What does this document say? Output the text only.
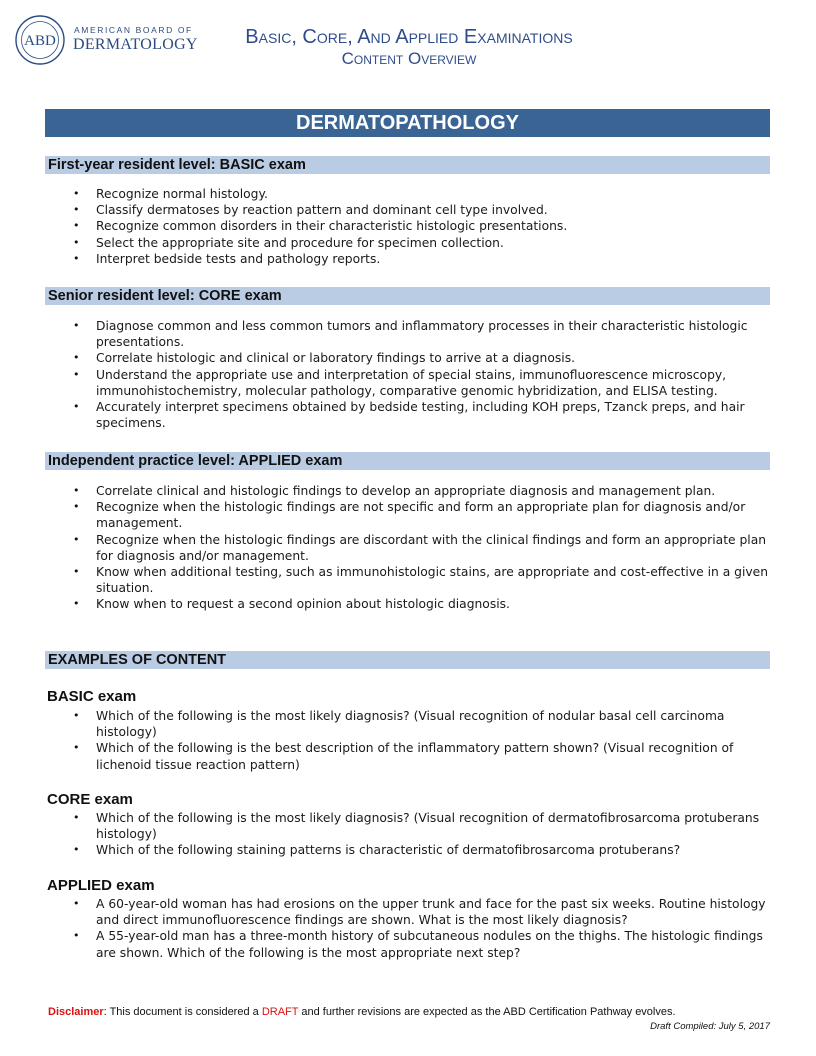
ABD
AMERICAN BOARD OF
DERMATOLOGY	Basic, Core, And Applied Examinations
Content Overview
DERMATOPATHOLOGY
First-year resident level: BASIC exam
• Recognize normal histology.
• Classify dermatoses by reaction pattern and dominant cell type involved.
• Recognize common disorders in their characteristic histologic presentations.
• Select the appropriate site and procedure for specimen collection.
• Interpret bedside tests and pathology reports.
Senior resident level: CORE exam
• Diagnose common and less common tumors and inflammatory processes in their characteristic histologic presentations.
• Correlate histologic and clinical or laboratory findings to arrive at a diagnosis.
• Understand the appropriate use and interpretation of special stains, immunofluorescence microscopy, immunohistochemistry, molecular pathology, comparative genomic hybridization, and ELISA testing.
• Accurately interpret specimens obtained by bedside testing, including KOH preps, Tzanck preps, and hair specimens.
Independent practice level: APPLIED exam
• Correlate clinical and histologic findings to develop an appropriate diagnosis and management plan.
• Recognize when the histologic findings are not specific and form an appropriate plan for diagnosis and/or management.
• Recognize when the histologic findings are discordant with the clinical findings and form an appropriate plan for diagnosis and/or management.
• Know when additional testing, such as immunohistologic stains, are appropriate and cost-effective in a given situation.
• Know when to request a second opinion about histologic diagnosis.
EXAMPLES OF CONTENT
BASIC exam
• Which of the following is the most likely diagnosis? (Visual recognition of nodular basal cell carcinoma histology)
• Which of the following is the best description of the inflammatory pattern shown? (Visual recognition of lichenoid tissue reaction pattern)
CORE exam
• Which of the following is the most likely diagnosis? (Visual recognition of dermatofibrosarcoma protuberans histology)
• Which of the following staining patterns is characteristic of dermatofibrosarcoma protuberans?
APPLIED exam
• A 60-year-old woman has had erosions on the upper trunk and face for the past six weeks. Routine histology and direct immunofluorescence findings are shown. What is the most likely diagnosis?
• A 55-year-old man has a three-month history of subcutaneous nodules on the thighs. The histologic findings are shown. Which of the following is the most appropriate next step?
Disclaimer: This document is considered a DRAFT and further revisions are expected as the ABD Certification Pathway evolves.
Draft Compiled: July 5, 2017
